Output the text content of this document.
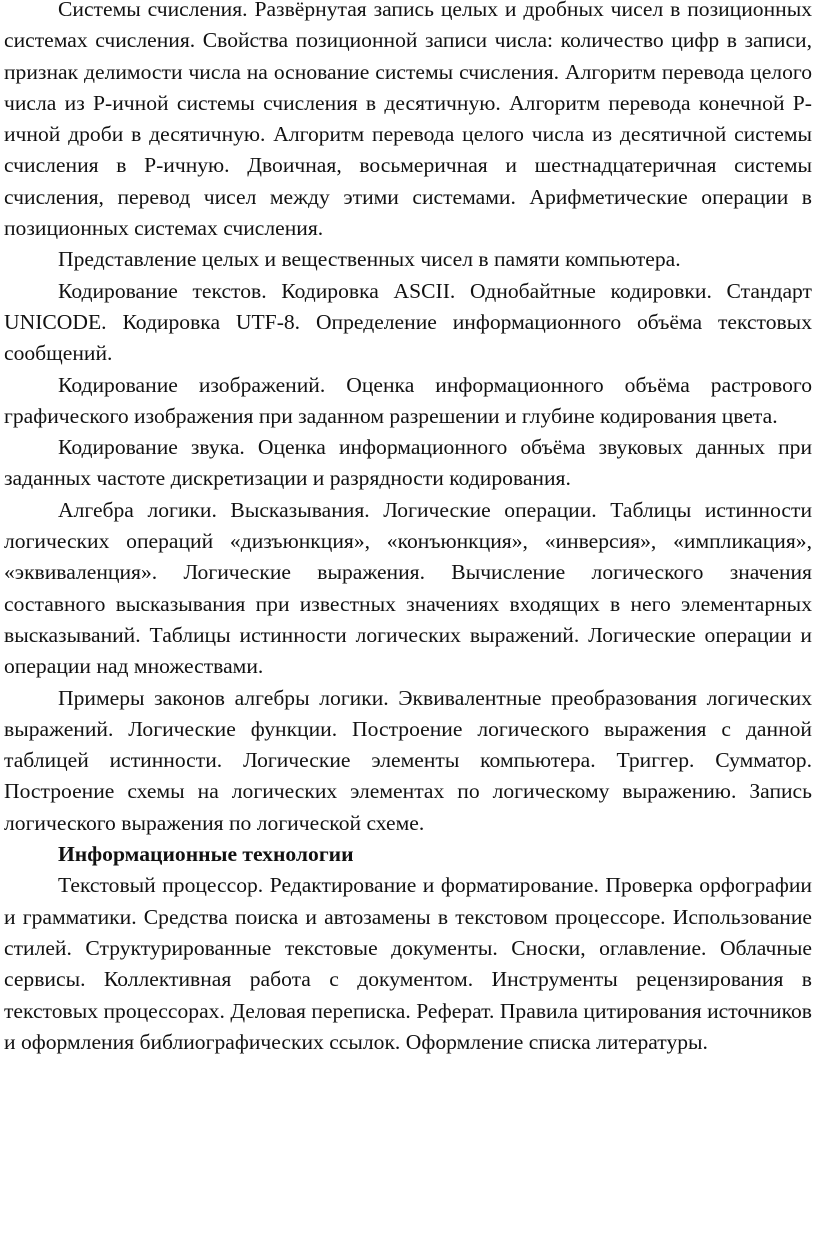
Системы счисления. Развёрнутая запись целых и дробных чисел в позиционных системах счисления. Свойства позиционной записи числа: количество цифр в записи, признак делимости числа на основание системы счисления. Алгоритм перевода целого числа из Р-ичной системы счисления в десятичную. Алгоритм перевода конечной Р-ичной дроби в десятичную. Алгоритм перевода целого числа из десятичной системы счисления в Р-ичную. Двоичная, восьмеричная и шестнадцатеричная системы счисления, перевод чисел между этими системами. Арифметические операции в позиционных системах счисления.

Представление целых и вещественных чисел в памяти компьютера.

Кодирование текстов. Кодировка ASCII. Однобайтные кодировки. Стандарт UNICODE. Кодировка UTF-8. Определение информационного объёма текстовых сообщений.

Кодирование изображений. Оценка информационного объёма растрового графического изображения при заданном разрешении и глубине кодирования цвета.

Кодирование звука. Оценка информационного объёма звуковых данных при заданных частоте дискретизации и разрядности кодирования.

Алгебра логики. Высказывания. Логические операции. Таблицы истинности логических операций «дизъюнкция», «конъюнкция», «инверсия», «импликация», «эквиваленция». Логические выражения. Вычисление логического значения составного высказывания при известных значениях входящих в него элементарных высказываний. Таблицы истинности логических выражений. Логические операции и операции над множествами.

Примеры законов алгебры логики. Эквивалентные преобразования логических выражений. Логические функции. Построение логического выражения с данной таблицей истинности. Логические элементы компьютера. Триггер. Сумматор. Построение схемы на логических элементах по логическому выражению. Запись логического выражения по логической схеме.

Информационные технологии

Текстовый процессор. Редактирование и форматирование. Проверка орфографии и грамматики. Средства поиска и автозамены в текстовом процессоре. Использование стилей. Структурированные текстовые документы. Сноски, оглавление. Облачные сервисы. Коллективная работа с документом. Инструменты рецензирования в текстовых процессорах. Деловая переписка. Реферат. Правила цитирования источников и оформления библиографических ссылок. Оформление списка литературы.
